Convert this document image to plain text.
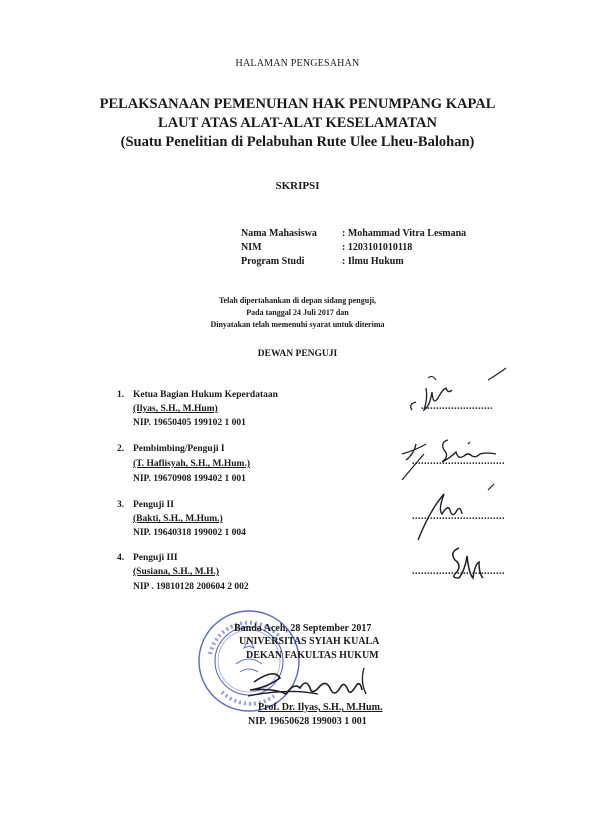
HALAMAN PENGESAHAN
PELAKSANAAN PEMENUHAN HAK PENUMPANG KAPAL
LAUT ATAS ALAT-ALAT KESELAMATAN
(Suatu Penelitian di Pelabuhan Rute Ulee Lheu-Balohan)
SKRIPSI
Nama Mahasiswa	: Mohammad Vitra Lesmana
NIM	: 1203101010118
Program Studi	: Ilmu Hukum
Telah dipertahankan di depan sidang penguji,
Pada tanggal 24 Juli 2017 dan
Dinyatakan telah memenuhi syarat untuk diterima
DEWAN PENGUJI
1. Ketua Bagian Hukum Keperdataan
(Ilyas, S.H., M.Hum)
NIP. 19650405 199102 1 001
........................
2. Pembimbing/Penguji I
(T. Haflisyah, S.H., M.Hum.)
NIP. 19670908 199402 1 001
...............................
3. Penguji II
(Bakti, S.H., M.Hum.)
NIP. 19640318 199002 1 004
...............................
4. Penguji III
(Susiana, S.H., M.H.)
NIP . 19810128 200604 2 002
...............................
Banda Aceh, 28 September 2017
UNIVERSITAS SYIAH KUALA
DEKAN FAKULTAS HUKUM
Prof. Dr. Ilyas, S.H., M.Hum.
NIP. 19650628 199003 1 001
